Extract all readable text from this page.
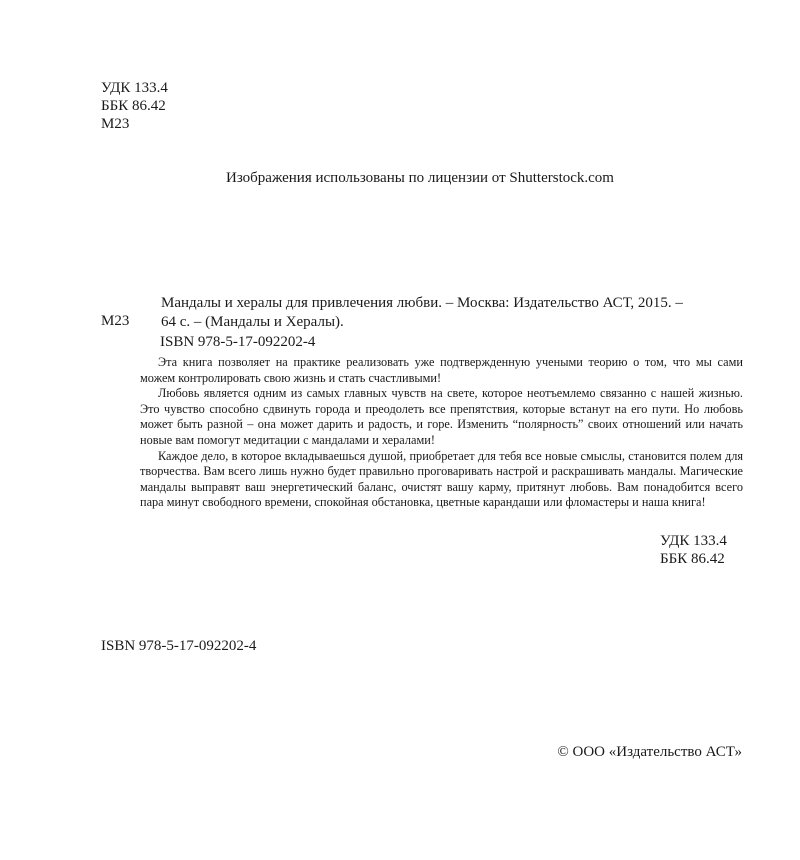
УДК 133.4
ББК 86.42
М23
Изображения использованы по лицензии от Shutterstock.com
М23
Мандалы и хералы для привлечения любви. – Москва: Издательство АСТ, 2015. –
64 с. – (Мандалы и Хералы).
ISBN 978-5-17-092202-4

Эта книга позволяет на практике реализовать уже подтвержденную учеными теорию о том, что мы сами можем контролировать свою жизнь и стать счастливыми!

Любовь является одним из самых главных чувств на свете, которое неотъемлемо связанно с нашей жизнью. Это чувство способно сдвинуть города и преодолеть все препятствия, которые встанут на его пути. Но любовь может быть разной – она может дарить и радость, и горе. Изменить “полярность” своих отношений или начать новые вам помогут медитации с мандалами и хералами!

Каждое дело, в которое вкладываешься душой, приобретает для тебя все новые смыслы, становится полем для творчества. Вам всего лишь нужно будет правильно проговаривать настрой и раскрашивать мандалы. Магические мандалы выправят ваш энергетический баланс, очистят вашу карму, притянут любовь. Вам понадобится всего пара минут свободного времени, спокойная обстановка, цветные карандаши или фломастеры и наша книга!

УДК 133.4
ББК 86.42
ISBN 978-5-17-092202-4
© ООО «Издательство АСТ»
